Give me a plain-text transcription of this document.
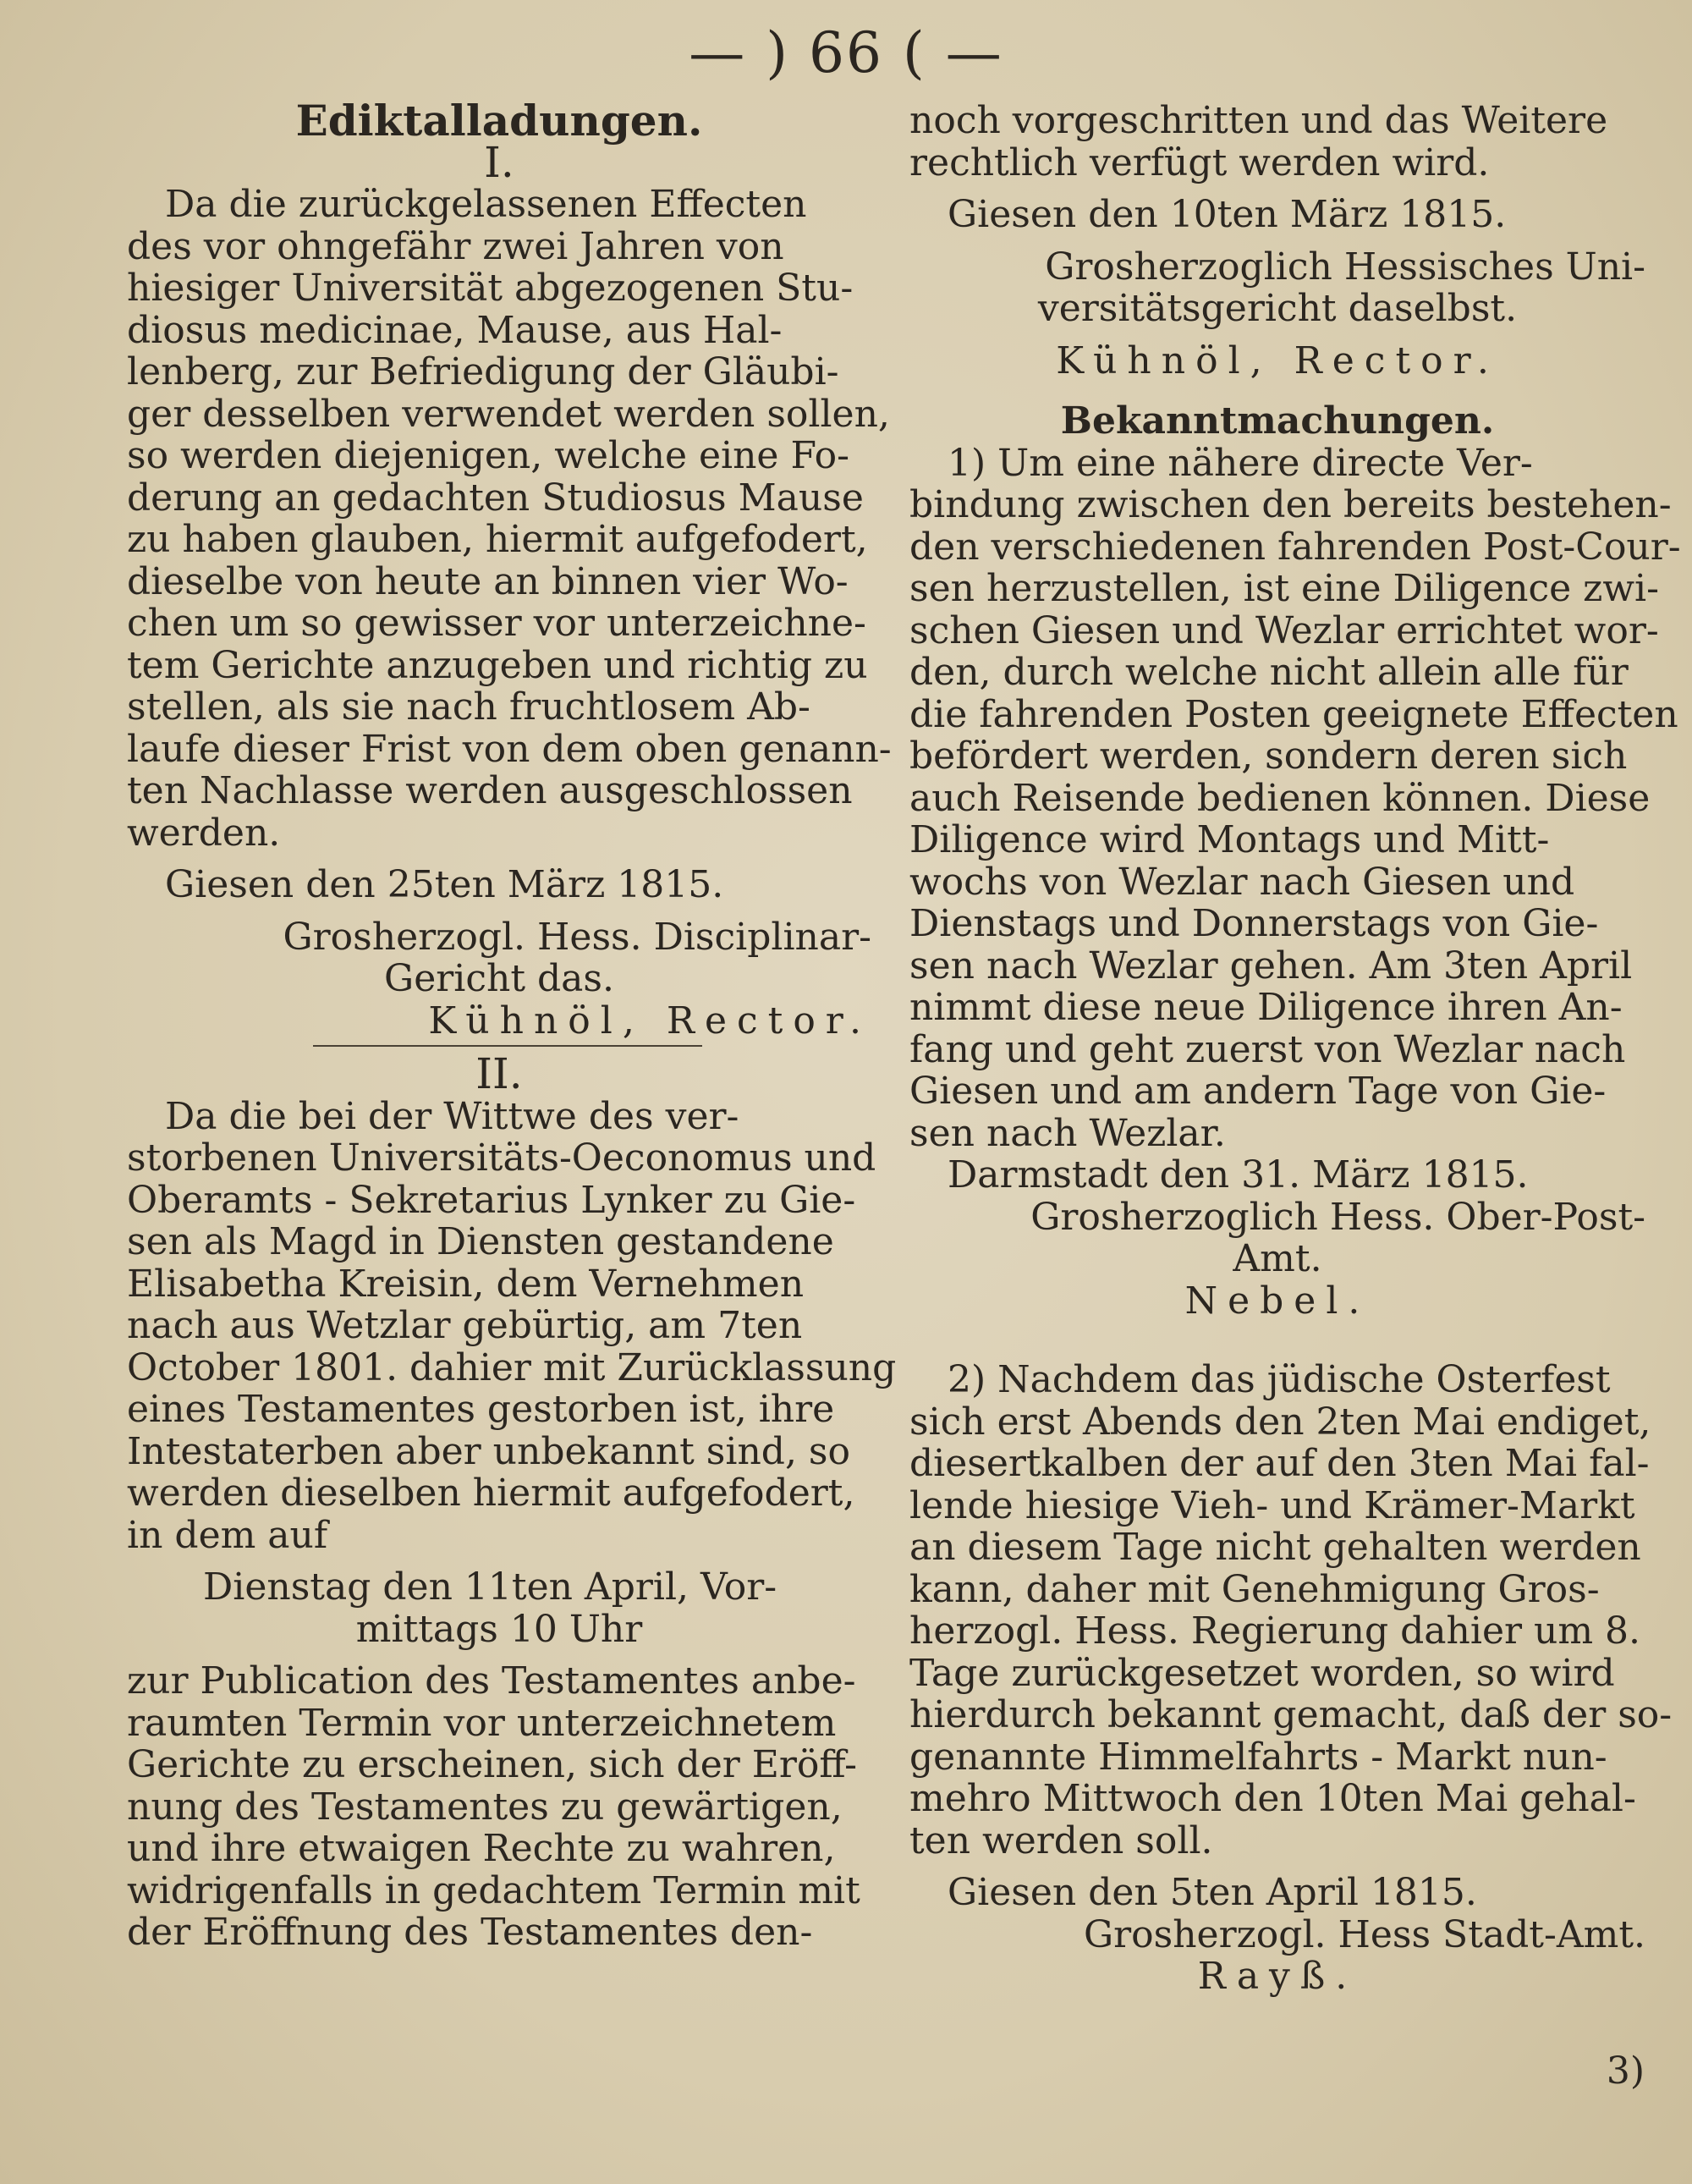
— ) 66 ( —
Ediktalladungen.
I.
Da die zurückgelassenen Effecten
des vor ohngefähr zwei Jahren von
hiesiger Universität abgezogenen Stu-
diosus medicinae, Mause, aus Hal-
lenberg, zur Befriedigung der Gläubi-
ger desselben verwendet werden sollen,
so werden diejenigen, welche eine Fo-
derung an gedachten Studiosus Mause
zu haben glauben, hiermit aufgefodert,
dieselbe von heute an binnen vier Wo-
chen um so gewisser vor unterzeichne-
tem Gerichte anzugeben und richtig zu
stellen, als sie nach fruchtlosem Ab-
laufe dieser Frist von dem oben genann-
ten Nachlasse werden ausgeschlossen
werden.
Giesen den 25ten März 1815.
Grosherzogl. Hess. Disciplinar-
Gericht das.
Kühnöl, Rector.
II.
Da die bei der Wittwe des ver-
storbenen Universitäts-Oeconomus und
Oberamts - Sekretarius Lynker zu Gie-
sen als Magd in Diensten gestandene
Elisabetha Kreisin, dem Vernehmen
nach aus Wetzlar gebürtig, am 7ten
October 1801. dahier mit Zurücklassung
eines Testamentes gestorben ist, ihre
Intestaterben aber unbekannt sind, so
werden dieselben hiermit aufgefodert,
in dem auf
Dienstag den 11ten April, Vor-
mittags 10 Uhr
zur Publication des Testamentes anbe-
raumten Termin vor unterzeichnetem
Gerichte zu erscheinen, sich der Eröff-
nung des Testamentes zu gewärtigen,
und ihre etwaigen Rechte zu wahren,
widrigenfalls in gedachtem Termin mit
der Eröffnung des Testamentes den-
noch vorgeschritten und das Weitere
rechtlich verfügt werden wird.
Giesen den 10ten März 1815.
Grosherzoglich Hessisches Uni-
versitätsgericht daselbst.
Kühnöl, Rector.
Bekanntmachungen.
1) Um eine nähere directe Ver-
bindung zwischen den bereits bestehen-
den verschiedenen fahrenden Post-Cour-
sen herzustellen, ist eine Diligence zwi-
schen Giesen und Wezlar errichtet wor-
den, durch welche nicht allein alle für
die fahrenden Posten geeignete Effecten
befördert werden, sondern deren sich
auch Reisende bedienen können. Diese
Diligence wird Montags und Mitt-
wochs von Wezlar nach Giesen und
Dienstags und Donnerstags von Gie-
sen nach Wezlar gehen. Am 3ten April
nimmt diese neue Diligence ihren An-
fang und geht zuerst von Wezlar nach
Giesen und am andern Tage von Gie-
sen nach Wezlar.
Darmstadt den 31. März 1815.
Grosherzoglich Hess. Ober-Post-
Amt.
Nebel.
2) Nachdem das jüdische Osterfest
sich erst Abends den 2ten Mai endiget,
diesertkalben der auf den 3ten Mai fal-
lende hiesige Vieh- und Krämer-Markt
an diesem Tage nicht gehalten werden
kann, daher mit Genehmigung Gros-
herzogl. Hess. Regierung dahier um 8.
Tage zurückgesetzet worden, so wird
hierdurch bekannt gemacht, daß der so-
genannte Himmelfahrts - Markt nun-
mehro Mittwoch den 10ten Mai gehal-
ten werden soll.
Giesen den 5ten April 1815.
Grosherzogl. Hess Stadt-Amt.
Rayß.
3)
